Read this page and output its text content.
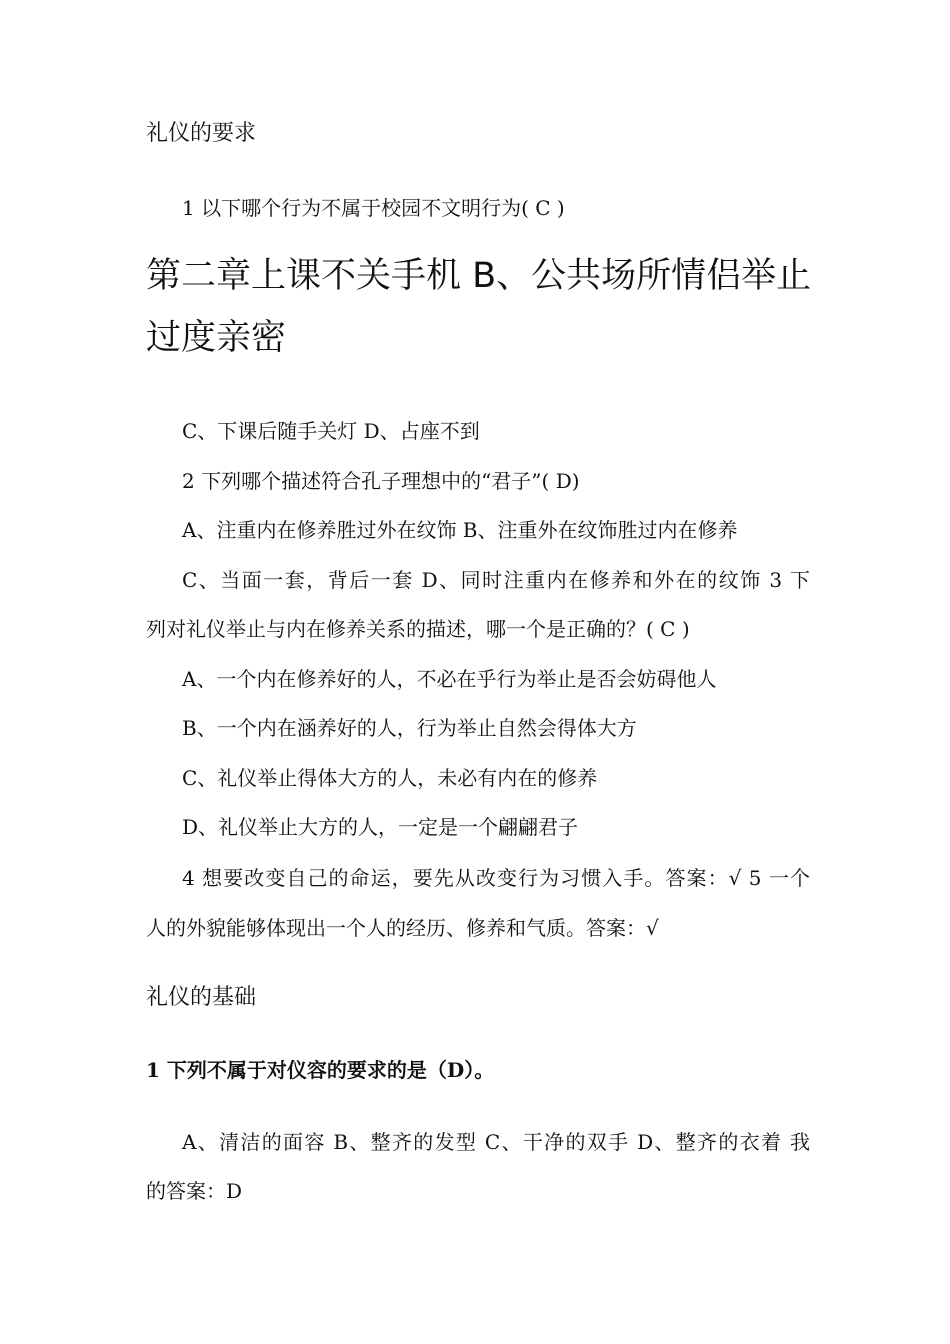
礼仪的要求
1 以下哪个行为不属于校园不文明行为( C )
第二章上课不关手机 B、公共场所情侣举止
过度亲密
C、下课后随手关灯 D、占座不到
2 下列哪个描述符合孔子理想中的“君子”( D)
A、注重内在修养胜过外在纹饰 B、注重外在纹饰胜过内在修养
C、当面一套，背后一套 D、同时注重内在修养和外在的纹饰 3 下
列对礼仪举止与内在修养关系的描述，哪一个是正确的？( C )
A、一个内在修养好的人，不必在乎行为举止是否会妨碍他人
B、一个内在涵养好的人，行为举止自然会得体大方
C、礼仪举止得体大方的人，未必有内在的修养
D、礼仪举止大方的人，一定是一个翩翩君子
4 想要改变自己的命运，要先从改变行为习惯入手。答案：√ 5 一个
人的外貌能够体现出一个人的经历、修养和气质。答案：√
礼仪的基础
1 下列不属于对仪容的要求的是（D）。
A、清洁的面容 B、整齐的发型 C、干净的双手 D、整齐的衣着 我
的答案：D
